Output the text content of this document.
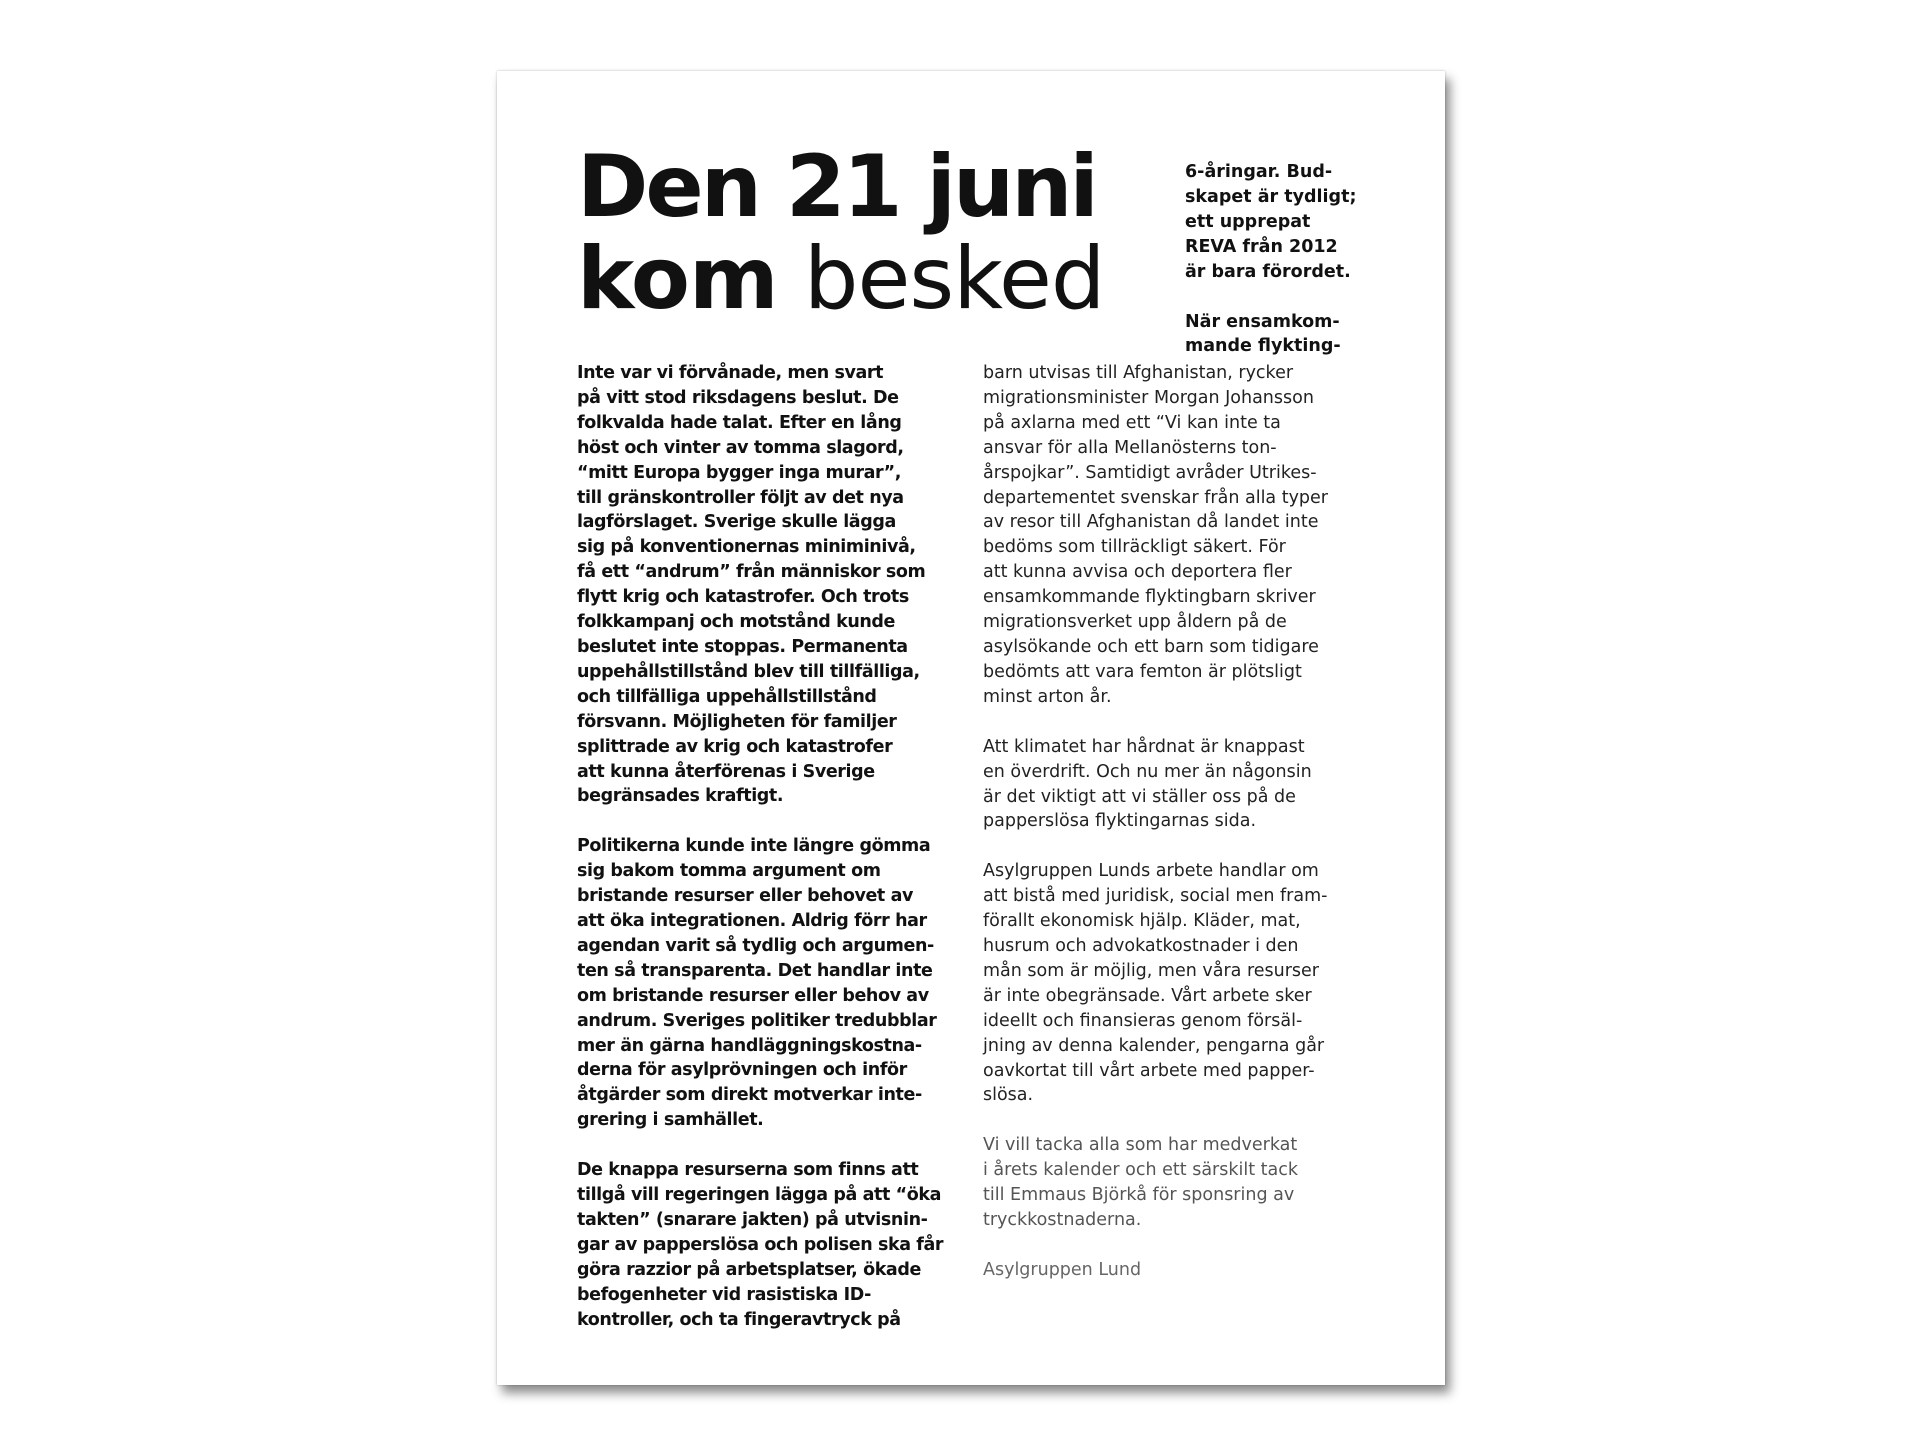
Den 21 juni
kom besked

6-åringar. Bud-
skapet är tydligt;
ett upprepat
REVA från 2012
är bara förordet.

När ensamkom-
mande flykting-

Inte var vi förvånade, men svart
på vitt stod riksdagens beslut. De
folkvalda hade talat. Efter en lång
höst och vinter av tomma slagord,
“mitt Europa bygger inga murar”,
till gränskontroller följt av det nya
lagförslaget. Sverige skulle lägga
sig på konventionernas miniminivå,
få ett “andrum” från människor som
flytt krig och katastrofer. Och trots
folkkampanj och motstånd kunde
beslutet inte stoppas. Permanenta
uppehållstillstånd blev till tillfälliga,
och tillfälliga uppehållstillstånd
försvann. Möjligheten för familjer
splittrade av krig och katastrofer
att kunna återförenas i Sverige
begränsades kraftigt.

Politikerna kunde inte längre gömma
sig bakom tomma argument om
bristande resurser eller behovet av
att öka integrationen. Aldrig förr har
agendan varit så tydlig och argumen-
ten så transparenta. Det handlar inte
om bristande resurser eller behov av
andrum. Sveriges politiker tredubblar
mer än gärna handläggningskostna-
derna för asylprövningen och inför
åtgärder som direkt motverkar inte-
grering i samhället.

De knappa resurserna som finns att
tillgå vill regeringen lägga på att “öka
takten” (snarare jakten) på utvisnin-
gar av papperslösa och polisen ska får
göra razzior på arbetsplatser, ökade
befogenheter vid rasistiska ID-
kontroller, och ta fingeravtryck på

barn utvisas till Afghanistan, rycker
migrationsminister Morgan Johansson
på axlarna med ett “Vi kan inte ta
ansvar för alla Mellanösterns ton-
årspojkar”. Samtidigt avråder Utrikes-
departementet svenskar från alla typer
av resor till Afghanistan då landet inte
bedöms som tillräckligt säkert. För
att kunna avvisa och deportera fler
ensamkommande flyktingbarn skriver
migrationsverket upp åldern på de
asylsökande och ett barn som tidigare
bedömts att vara femton är plötsligt
minst arton år.

Att klimatet har hårdnat är knappast
en överdrift. Och nu mer än någonsin
är det viktigt att vi ställer oss på de
papperslösa flyktingarnas sida.

Asylgruppen Lunds arbete handlar om
att bistå med juridisk, social men fram-
förallt ekonomisk hjälp. Kläder, mat,
husrum och advokatkostnader i den
mån som är möjlig, men våra resurser
är inte obegränsade. Vårt arbete sker
ideellt och finansieras genom försäl-
jning av denna kalender, pengarna går
oavkortat till vårt arbete med papper-
slösa.

Vi vill tacka alla som har medverkat
i årets kalender och ett särskilt tack
till Emmaus Björkå för sponsring av
tryckkostnaderna.

Asylgruppen Lund
